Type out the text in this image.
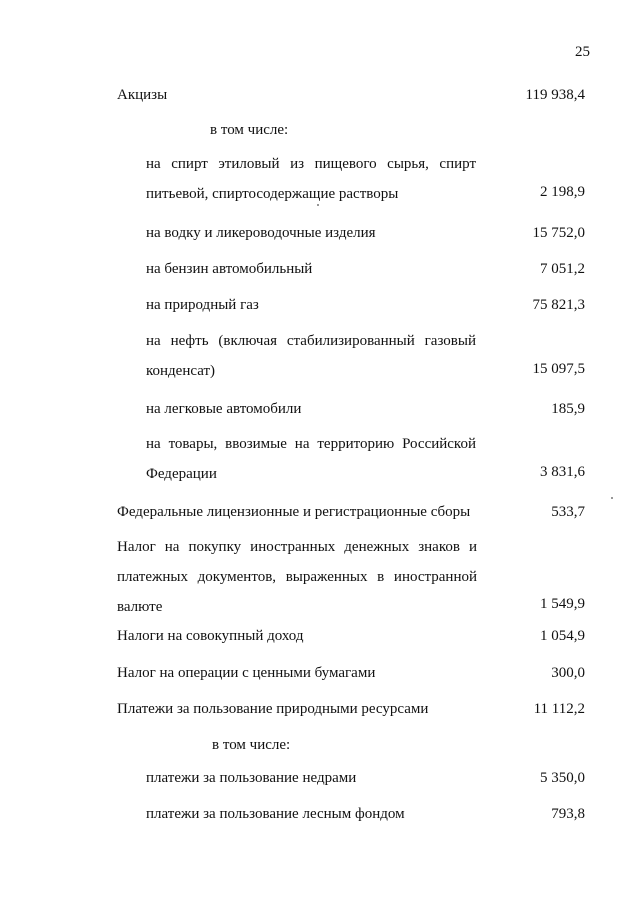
25
Акцизы	119 938,4
в том числе:
на спирт этиловый из пищевого сырья, спирт питьевой, спиртосодержащие растворы	2 198,9
на водку и ликероводочные изделия	15 752,0
на бензин автомобильный	7 051,2
на природный газ	75 821,3
на нефть (включая стабилизированный газовый конденсат)	15 097,5
на легковые автомобили	185,9
на товары, ввозимые на территорию Российской Федерации	3 831,6
Федеральные лицензионные и регистрационные сборы	533,7
Налог на покупку иностранных денежных знаков и платежных документов, выраженных в иностранной валюте	1 549,9
Налоги на совокупный доход	1 054,9
Налог на операции с ценными бумагами	300,0
Платежи за пользование природными ресурсами	11 112,2
в том числе:
платежи за пользование недрами	5 350,0
платежи за пользование лесным фондом	793,8
